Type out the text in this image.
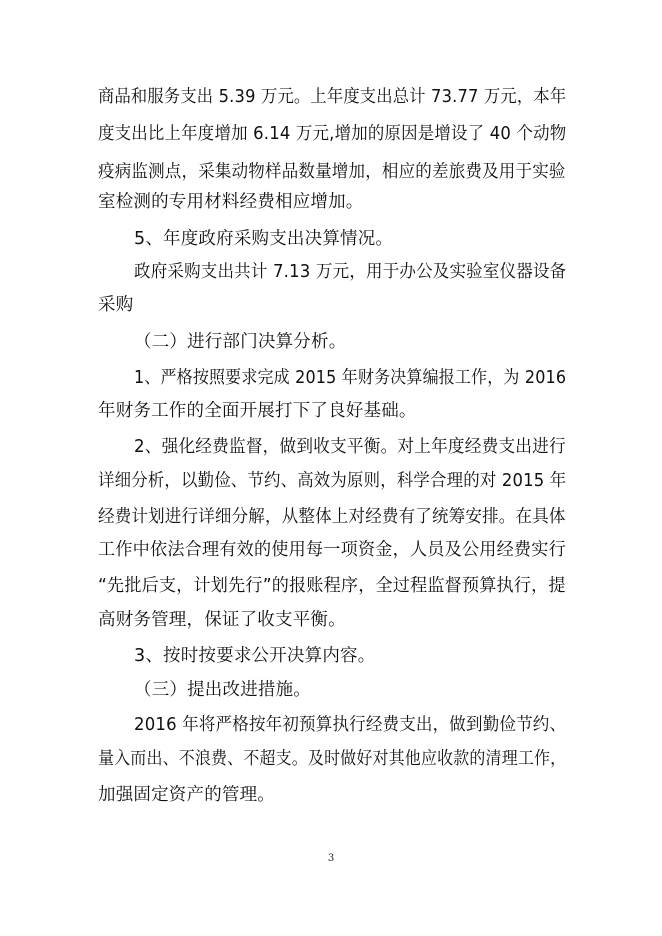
商品和服务支出 5.39 万元。上年度支出总计 73.77 万元，本年
度支出比上年度增加 6.14 万元,增加的原因是增设了 40 个动物
疫病监测点，采集动物样品数量增加，相应的差旅费及用于实验
室检测的专用材料经费相应增加。
5、年度政府采购支出决算情况。
政府采购支出共计 7.13 万元，用于办公及实验室仪器设备
采购
（二）进行部门决算分析。
1、严格按照要求完成 2015 年财务决算编报工作，为 2016
年财务工作的全面开展打下了良好基础。
2、强化经费监督，做到收支平衡。对上年度经费支出进行
详细分析，以勤俭、节约、高效为原则，科学合理的对 2015 年
经费计划进行详细分解，从整体上对经费有了统筹安排。在具体
工作中依法合理有效的使用每一项资金，人员及公用经费实行
“先批后支，计划先行”的报账程序，全过程监督预算执行，提
高财务管理，保证了收支平衡。
3、按时按要求公开决算内容。
（三）提出改进措施。
2016 年将严格按年初预算执行经费支出，做到勤俭节约、
量入而出、不浪费、不超支。及时做好对其他应收款的清理工作，
加强固定资产的管理。
3
